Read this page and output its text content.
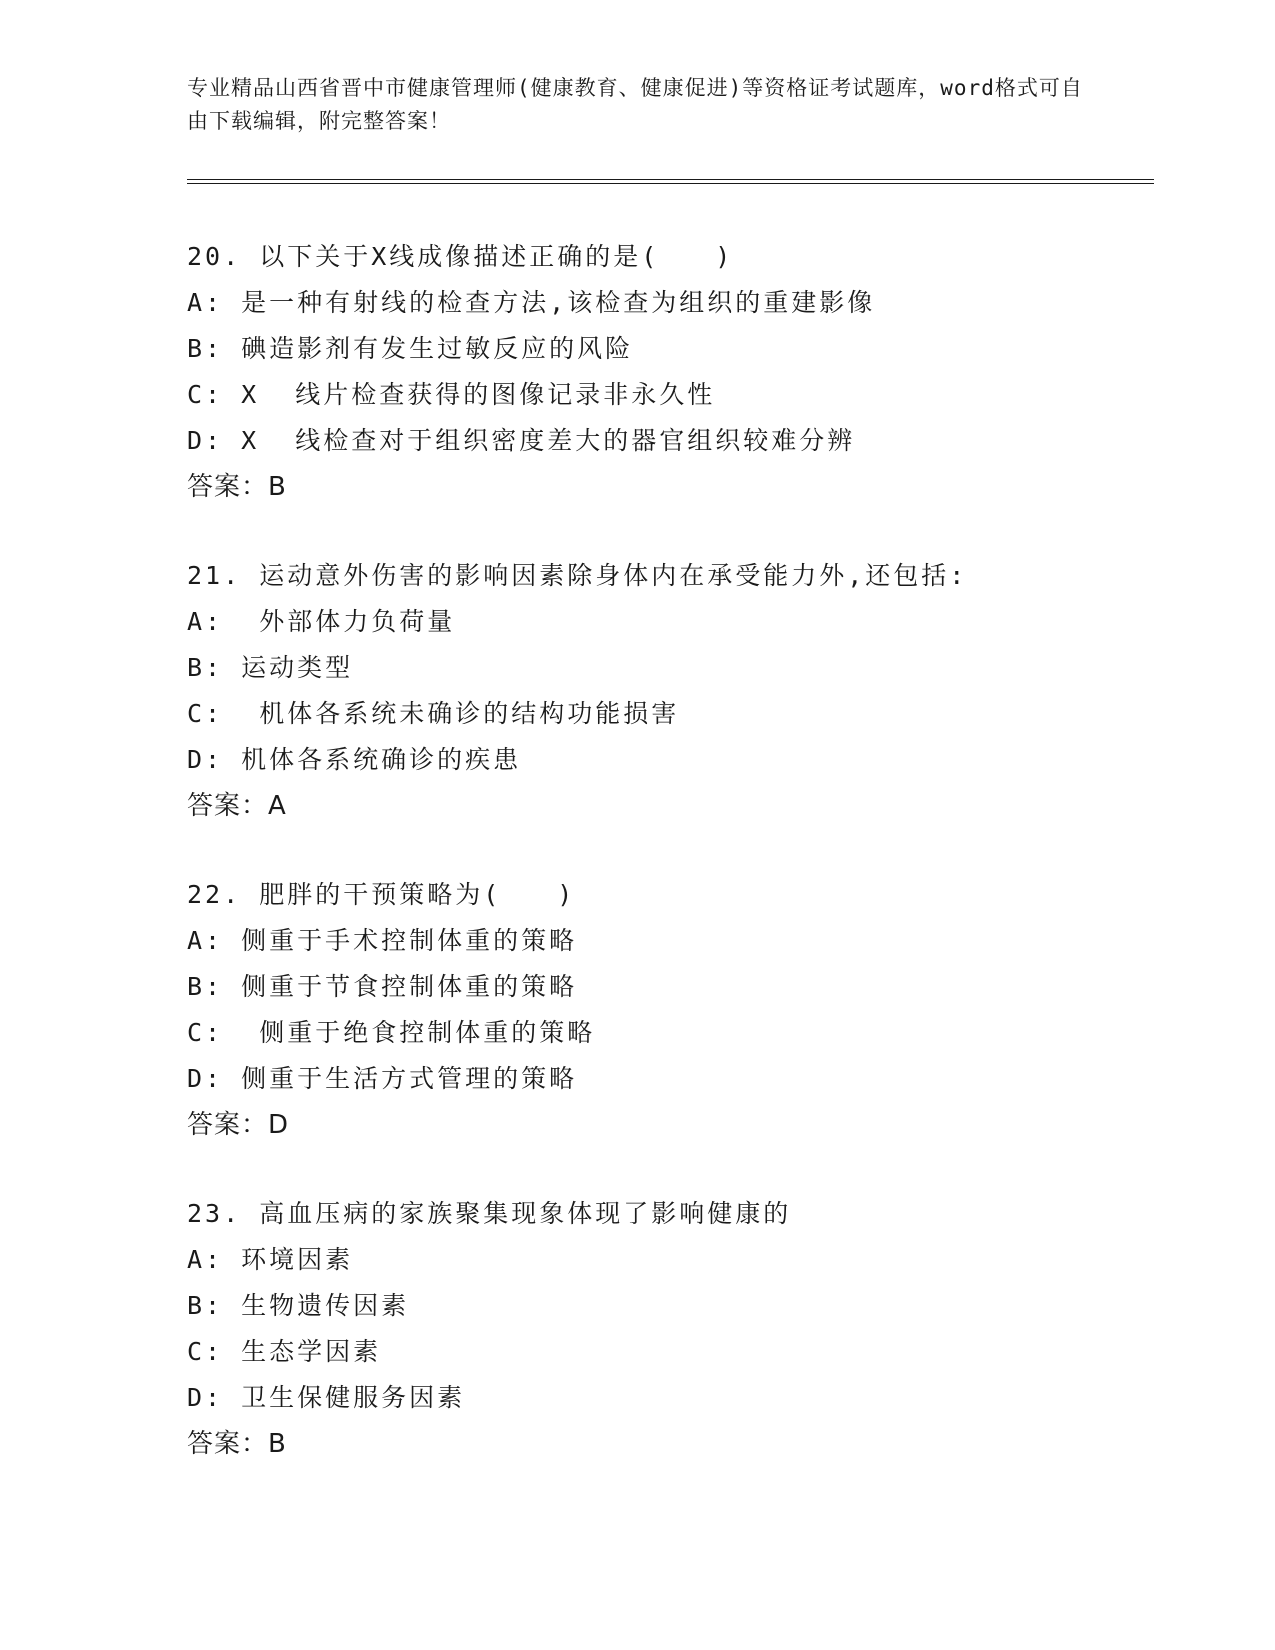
专业精品山西省晋中市健康管理师(健康教育、健康促进)等资格证考试题库，word格式可自由下载编辑，附完整答案！
20. 以下关于X线成像描述正确的是(　　)
A: 是一种有射线的检查方法,该检查为组织的重建影像
B: 碘造影剂有发生过敏反应的风险
C: X  线片检查获得的图像记录非永久性
D: X  线检查对于组织密度差大的器官组织较难分辨
答案：B
21. 运动意外伤害的影响因素除身体内在承受能力外,还包括:
A:  外部体力负荷量
B: 运动类型
C:  机体各系统未确诊的结构功能损害
D: 机体各系统确诊的疾患
答案：A
22. 肥胖的干预策略为(　　)
A: 侧重于手术控制体重的策略
B: 侧重于节食控制体重的策略
C:  侧重于绝食控制体重的策略
D: 侧重于生活方式管理的策略
答案：D
23. 高血压病的家族聚集现象体现了影响健康的
A: 环境因素
B: 生物遗传因素
C: 生态学因素
D: 卫生保健服务因素
答案：B
